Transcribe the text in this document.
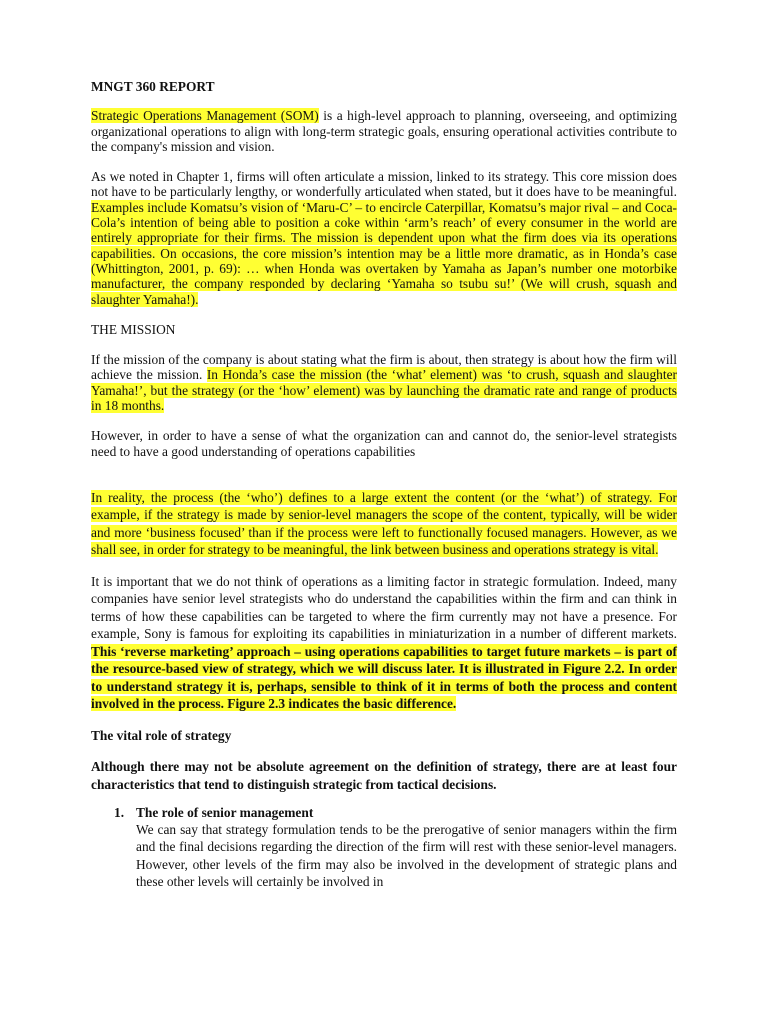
MNGT 360 REPORT

Strategic Operations Management (SOM) is a high-level approach to planning, overseeing, and optimizing organizational operations to align with long-term strategic goals, ensuring operational activities contribute to the company's mission and vision.

As we noted in Chapter 1, firms will often articulate a mission, linked to its strategy. This core mission does not have to be particularly lengthy, or wonderfully articulated when stated, but it does have to be meaningful. Examples include Komatsu’s vision of ‘Maru-C’ – to encircle Caterpillar, Komatsu’s major rival – and Coca-Cola’s intention of being able to position a coke within ‘arm’s reach’ of every consumer in the world are entirely appropriate for their firms. The mission is dependent upon what the firm does via its operations capabilities. On occasions, the core mission’s intention may be a little more dramatic, as in Honda’s case (Whittington, 2001, p. 69): … when Honda was overtaken by Yamaha as Japan’s number one motorbike manufacturer, the company responded by declaring ‘Yamaha so tsubu su!’ (We will crush, squash and slaughter Yamaha!).

THE MISSION

If the mission of the company is about stating what the firm is about, then strategy is about how the firm will achieve the mission. In Honda’s case the mission (the ‘what’ element) was ‘to crush, squash and slaughter Yamaha!’, but the strategy (or the ‘how’ element) was by launching the dramatic rate and range of products in 18 months.

However, in order to have a sense of what the organization can and cannot do, the senior-level strategists need to have a good understanding of operations capabilities

In reality, the process (the ‘who’) defines to a large extent the content (or the ‘what’) of strategy. For example, if the strategy is made by senior-level managers the scope of the content, typically, will be wider and more ‘business focused’ than if the process were left to functionally focused managers. However, as we shall see, in order for strategy to be meaningful, the link between business and operations strategy is vital.

It is important that we do not think of operations as a limiting factor in strategic formulation. Indeed, many companies have senior level strategists who do understand the capabilities within the firm and can think in terms of how these capabilities can be targeted to where the firm currently may not have a presence. For example, Sony is famous for exploiting its capabilities in miniaturization in a number of different markets. This ‘reverse marketing’ approach – using operations capabilities to target future markets – is part of the resource-based view of strategy, which we will discuss later. It is illustrated in Figure 2.2. In order to understand strategy it is, perhaps, sensible to think of it in terms of both the process and content involved in the process. Figure 2.3 indicates the basic difference.

The vital role of strategy

Although there may not be absolute agreement on the definition of strategy, there are at least four characteristics that tend to distinguish strategic from tactical decisions.

1. The role of senior management
We can say that strategy formulation tends to be the prerogative of senior managers within the firm and the final decisions regarding the direction of the firm will rest with these senior-level managers. However, other levels of the firm may also be involved in the development of strategic plans and these other levels will certainly be involved in
